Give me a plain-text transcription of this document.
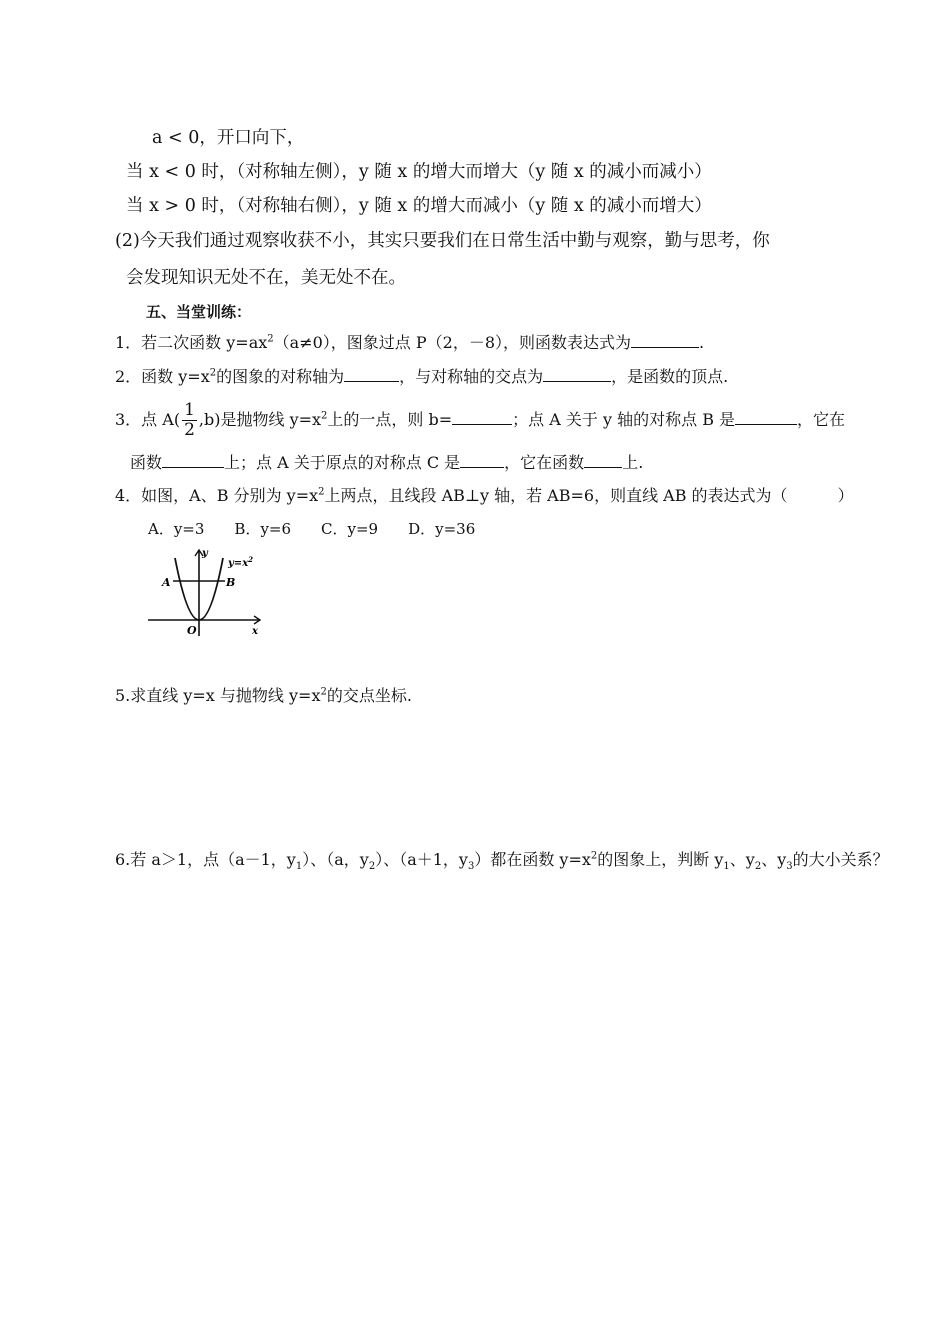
a < 0，开口向下，
当 x < 0 时，（对称轴左侧），y 随 x 的增大而增大（y 随 x 的减小而减小）
当 x > 0 时，（对称轴右侧），y 随 x 的增大而减小（y 随 x 的减小而增大）
(2)今天我们通过观察收获不小，其实只要我们在日常生活中勤与观察，勤与思考，你
会发现知识无处不在，美无处不在。
五、当堂训练：
1．若二次函数 $y=ax^2(a\ne 0)$，图象过点 P（2，－8），则函数表达式为	.
2．函数 $y=x^2$的图象的对称轴为	，与对称轴的交点为	，是函数的顶点.
3．点 $A( \frac{1}{2} ,b)$是抛物线 $y=x^2$上的一点，则 b=	；点 A 关于 y 轴的对称点 B 是	，它在
函数	上；点 A 关于原点的对称点 C 是	，它在函数 上.
4．如图，A、B 分别为 $y=x^2$上两点，且线段 AB⊥y 轴，若 AB=6，则直线 AB 的表达式为（	）
A．y=3 B．y=6 C．y=9 D．y=36
A	B
O
y
x
$y=x^2$
5.求直线 y=x 与抛物线 $y=x^2$的交点坐标.
6.若 a＞1，点（a－1，$y_1$）、（a，$y_2$）、（a＋1，$y_3$）都在函数 $y=x^2$的图象上，判断 $y_1$、$y_2$、$y_3$的大小关系？
